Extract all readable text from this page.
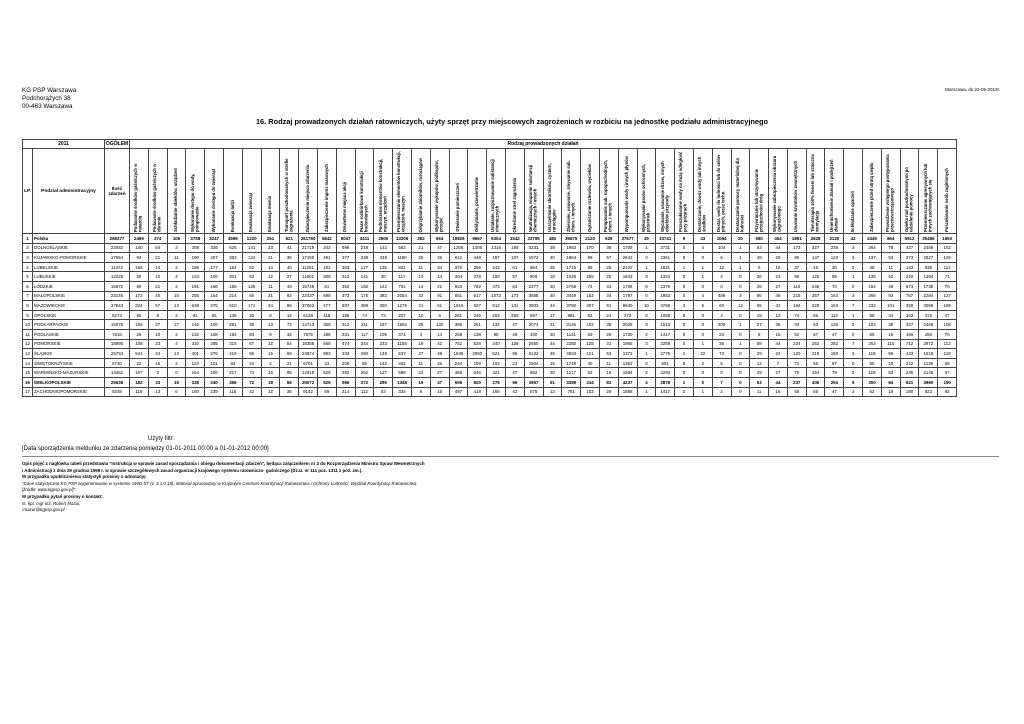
KG PSP Warszawa
Podchorążych 38
00-463 Warszawa
Warszawa, dn.22-05-2012r.
16. Rodzaj prowadzonych działań ratowniczych, użyty sprzęt przy miejscowych zagrożeniach w rozbiciu na jednostkę podziału administracyjnego
2011		OGÓŁEM	Rodzaj prowadzonych działań																																											
LP.	Podział administracyjny	Ilość zdarzeń	Podawanie środków gaśniczych w natarciu	Podawanie środków gaśniczych w obronie	Schładzanie obiektów, urządzeń	Wykonanie dostępu do wody, pompowanie	Wykonanie dostępu do zwierząt	Ewakuacja ludzi	Ewakuacja zwierząt	Ewakuacja mienia	Transport poszkodowanych w strefie zagrożenia	Zabezpieczenie miejsca zdarzenia	Zabezpieczenie imprez masowych	Oświetlenie miejsca akcji	Prace rozbiórkowe konstrukcji budowlanych	Podnoszenie elementów konstrukcji, maszyn, urządzeń	Przemieszczanie elementów konstrukcji, urządzeń, maszyn	Odgrzybianie zbiorników, rurociągów	Wykonywanie wykopów, podkopów, przejść	Otwieranie pomieszczeń	Oddymianie, przewietrzanie	Ustalanie, rozpoznawanie substancji chemicznych	Określanie stref zagrożenia	Neutralizacja, wiązanie substancji chemicznych i innych	Uszczelnianie zbiorników, cystern, rurociągów	Zbieranie, usuwanie, zmywanie sub. chem. i innych	Ograniczanie rozlewów, wycieków	Pompowanie sub. ropopochodnych, chem. i innych	Wypompowanie wody i innych płynów	Wykonywanie pasów ochronnych, przecinek	Wycinanie, usuwanie drzew, innych obiektów przyrody	Przeszukiwanie wody na dużą odległość przy pożarach	Dostarczanie, dowóz wody lub innych środków	Dostar. wody do ludności lub do celów pitnych, przez techn.	Dostarczanie pomocy materialnej dla ludności	Przywracanie lub utrzymywanie przejezdności dróg	Wykonywanie zabezpieczenia obszaru zagrożonego	Usuwanie krwotoków zewnętrznych	Tlenoterapia 100% tlenem lub sztuczna wentylacja	Unieruchomienie złamań i podejrzeń złamań	Schładzanie oparzeń	Zabezpieczenie przed utratą ciepła	Prowadzenie wstępnego postępowania przeciwwstrząsowego	Opieka nad poszkodowanymi po udzieleniu pomocy	Przemieszczanie agresywnych lub innych zachowujących się	Poszukiwanie osób zaginionych
1	Polska	268277	2469	374	106	3758	3247	4599	1220	251	621	261760	5842	6047	3411	2906	13206	282	654	10826	9667	6304	1542	33795	480	35675	2120	629	37677	39	33741	9	43	1064	20	580	454	1891	2828	2120	42	2449	864	5912	30486	1650
2	DOLNOŚLĄSKIE	22082	140	54	3	308	326	625	141	23	41	21719	342	598	218	142	582	21	47	1206	1406	1316	169	3231	39	1963	170	38	1709	1	2731	0	4	104	1	63	44	173	327	238	3	264	78	427	2488	102
3	KUJAWSKO-POMORSKIE	17654	93	21	11	190	207	383	124	21	36	17150	491	377	338	348	1190	25	26	612	448	187	107	1972	40	1964	98	57	2642	0	2361	0	0	6	1	49	29	80	147	123	3	137	53	373	2827	126
4	LUBELSKIE	11472	166	14	2	186	177	154	52	14	40	11251	192	363	127	135	601	11	34	370	256	242	61	964	25	1715	89	26	2102	1	1831	1	1	12	1	9	16	27	45	30	2	48	11	143	939	112
5	LUBUSKIE	12228	55	10	4	123	106	201	63	12	27	11901	308	212	141	30	117	13	14	304	278	150	57	809	18	1029	255	28	1843	3	1324	0	1	4	0	36	23	96	128	88	1	136	62	220	1394	71
6	ŁÓDZKIE	15872	80	21	2	191	166	185	125	11	49	15748	81	352	192	142	791	14	21	923	782	472	63	2377	20	2755	74	43	1708	8	2379	0	0	0	0	26	27	115	246	70	0	154	48	573	1735	70
7	MAŁOPOLSKIE	23148	172	40	10	255	164	214	60	31	92	22437	698	373	175	382	2054	32	91	651	617	1072	173	3658	40	3449	152	34	1797	0	1953	0	4	489	3	86	46	215	357	163	3	266	93	767	2284	127
8	MAZOWIECKIE	37843	324	57	13	638	375	610	171	34	86	37063	477	937	389	350	1275	21	61	1616	627	612	131	2803	44	3782	307	91	9640	10	4768	3	5	60	12	65	42	194	220	163	7	232	101	350	3069	189
9	OPOLSKIE	5273	90	8	2	91	65	136	30	8	14	5138	118	185	74	73	207	10	9	261	245	204	255	697	17	881	52	24	373	0	1085	0	0	4	0	19	13	74	86	113	1	88	34	163	375	47
10	PODKARPACKIE	15078	155	27	17	146	106	291	36	13	72	14713	358	312	211	197	1592	25	130	366	251	134	47	2074	21	3146	162	38	2025	3	1613	0	0	208	1	27	36	93	63	136	2	103	38	327	2468	108
11	PODLASKIE	7816	26	10	2	132	108	192	83	9	32	7575	186	231	117	109	371	4	14	258	138	90	48	330	20	1131	63	29	1730	2	1417	0	0	23	0	8	16	52	67	47	0	65	16	166	250	70
12	POMORSKIE	18990	108	23	4	310	285	315	67	12	54	18356	568	474	344	233	1159	19	42	762	526	340	128	2650	44	2250	128	31	1965	3	2259	0	1	36	1	58	44	224	252	282	7	252	110	712	2972	112
13	ŚLĄSKIE	25753	541	24	13	401	376	416	56	15	69	24874	883	333	260	148	537	27	49	1635	2050	621	95	5132	49	4503	121	53	1373	1	2775	2	22	73	0	29	24	120	219	150	3	118	55	433	1618	118
14	ŚWIĘTOKRZYSKIE	6730	22	16	2	123	101	84	24	2	21	6701	23	208	89	142	462	11	26	244	159	102	23	1504	19	1748	40	11	1362	0	691	0	2	9	0	12	7	71	55	97	0	85	10	222	1139	69
15	WARMIŃSKO-MAZURSKIE	13452	167	3	0	164	206	217	74	16	95	12918	529	292	252	127	586	22	27	466	646	321	47	682	20	1217	63	16	1594	2	2293	0	0	0	0	29	27	70	154	79	2	118	53	235	2145	97
16	WIELKOPOLSKIE	25638	182	33	15	338	240	358	72	18	56	25072	529	586	372	295	1348	19	47	655	820	275	96	3957	51	3359	244	82	4237	4	2878	1	0	7	0	53	44	237	406	294	6	300	84	621	3960	150
17	ZACHODNIOPOMORSKIE	9248	118	13	6	160	239	118	42	12	35	9142	59	214	112	53	334	8	16	497	418	166	42	875	13	781	102	28	1568	1	1417	2	1	2	0	11	16	50	56	47	2	62	18	180	823	82
Użyty filtr:
[Data sporządzenia meldunku ze zdarzenia pomiędzy 01-01-2011 00:00 a 01-01-2012 00:00]
Opis pojęć z nagłówka tabeli przedstawia "Instrukcja w sprawie zasad sporządzania i obiegu dokumentacji zdarzeń", będąca załącznikiem nr 3 do Rozporządzenia Ministra Spraw Wewnętrznych
i Administracji z dnia 29 grudnia 1999 r. w sprawie szczegółowych zasad organizacji krajowego systemu ratowniczo- gaśniczego (Dz.U. nr 111 poz. 1311 z póź. zm.).
W przypadku upublicznienia statystyk prosimy o adnotację:
"Dane statystyczne KG PSP wygenerowane w systemie SWD-ST (v. 3.1.0.18). Materiał opracowany w Krajowym Centrum Koordynacji Ratownictwa i Ochrony Ludności, Wydział Koordynacji Ratownictwa
[źródło: www.kgpsp.gov.pl]".
W przypadku pytań prosimy o kontakt:
st. kpt. mgr inż. Robert Mazur,
rmazur@kgpsp.gov.pl
